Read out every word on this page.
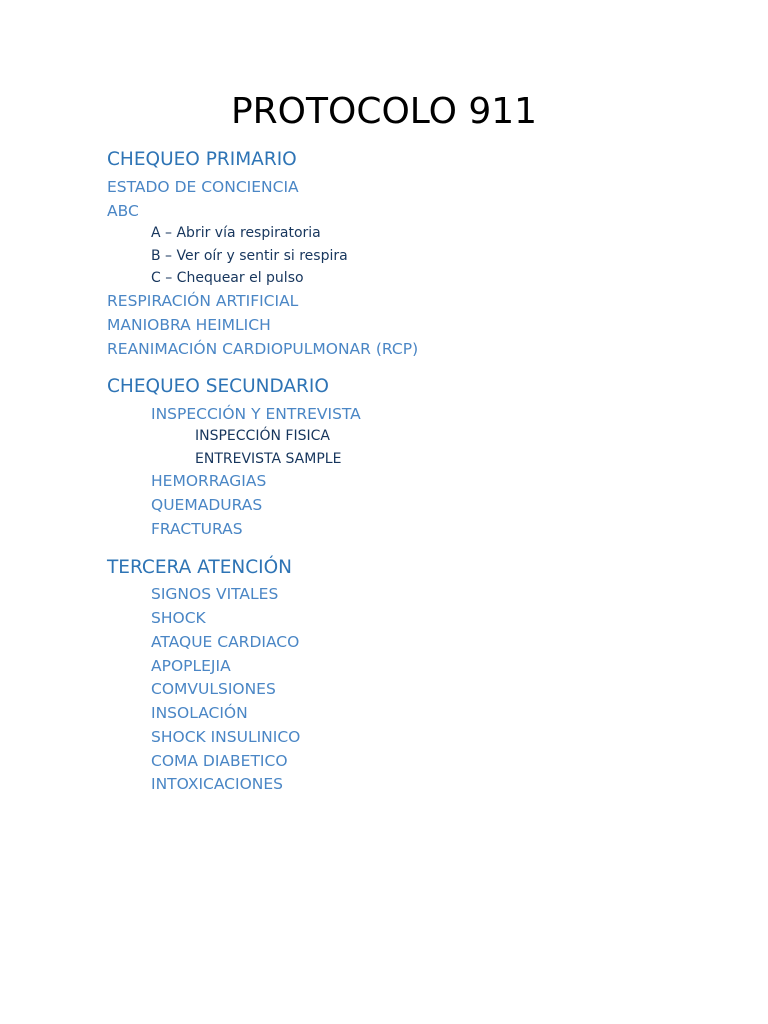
PROTOCOLO 911
CHEQUEO PRIMARIO
ESTADO DE CONCIENCIA
ABC
A – Abrir vía respiratoria
B – Ver oír y sentir si respira
C – Chequear el pulso
RESPIRACIÓN ARTIFICIAL
MANIOBRA HEIMLICH
REANIMACIÓN CARDIOPULMONAR (RCP)
CHEQUEO SECUNDARIO
INSPECCIÓN Y ENTREVISTA
INSPECCIÓN FISICA
ENTREVISTA SAMPLE
HEMORRAGIAS
QUEMADURAS
FRACTURAS
TERCERA ATENCIÓN
SIGNOS VITALES
SHOCK
ATAQUE CARDIACO
APOPLEJIA
COMVULSIONES
INSOLACIÓN
SHOCK INSULINICO
COMA DIABETICO
INTOXICACIONES
